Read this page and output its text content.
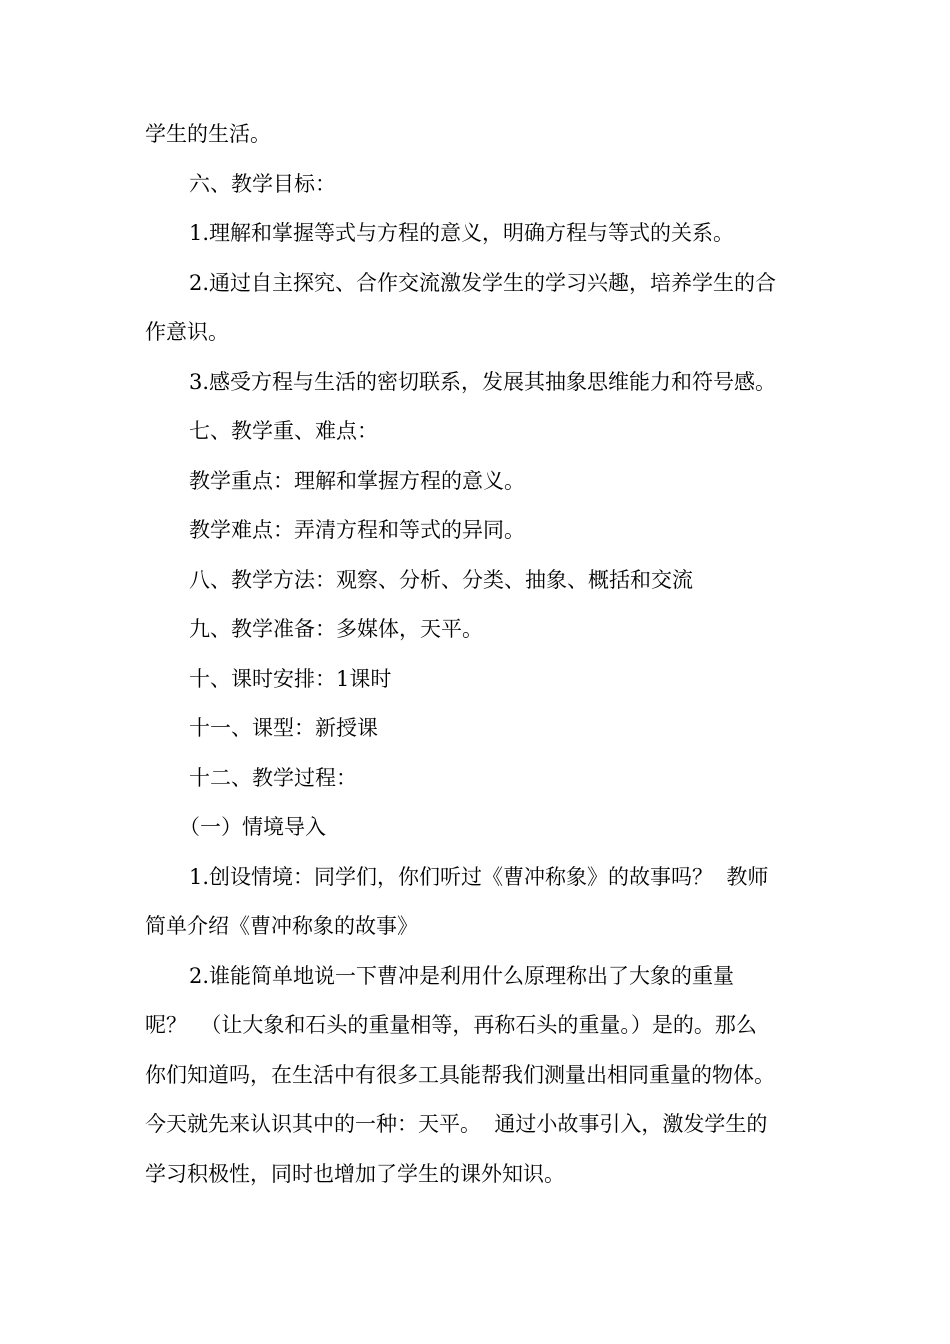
学生的生活。
六、教学目标：
1.理解和掌握等式与方程的意义，明确方程与等式的关系。
2.通过自主探究、合作交流激发学生的学习兴趣，培养学生的合
作意识。
3.感受方程与生活的密切联系，发展其抽象思维能力和符号感。
七、教学重、难点：
教学重点：理解和掌握方程的意义。
教学难点：弄清方程和等式的异同。
八、教学方法：观察、分析、分类、抽象、概括和交流
九、教学准备：多媒体，天平。
十、课时安排：1课时
十一、课型：新授课
十二、教学过程：
（一）情境导入
1.创设情境：同学们，你们听过《曹冲称象》的故事吗？  教师
简单介绍《曹冲称象的故事》
2.谁能简单地说一下曹冲是利用什么原理称出了大象的重量
呢？  （让大象和石头的重量相等，再称石头的重量。）是的。那么
你们知道吗，在生活中有很多工具能帮我们测量出相同重量的物体。
今天就先来认识其中的一种：天平。  通过小故事引入，激发学生的
学习积极性，同时也增加了学生的课外知识。
